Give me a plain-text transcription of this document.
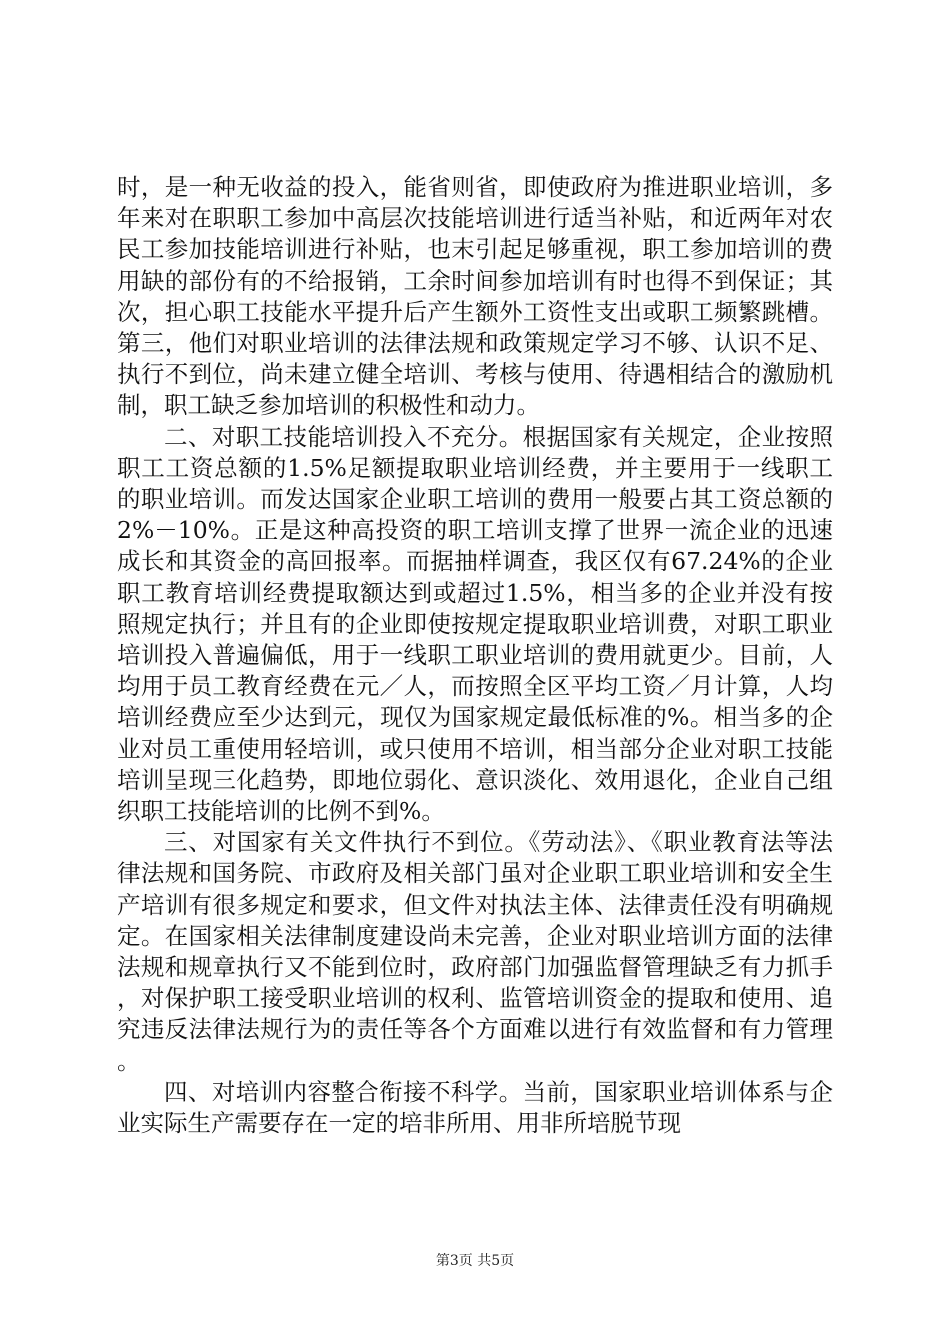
时，是一种无收益的投入，能省则省，即使政府为推进职业培训，多年来对在职职工参加中高层次技能培训进行适当补贴，和近两年对农民工参加技能培训进行补贴，也末引起足够重视，职工参加培训的费用缺的部份有的不给报销，工余时间参加培训有时也得不到保证；其次，担心职工技能水平提升后产生额外工资性支出或职工频繁跳槽。第三，他们对职业培训的法律法规和政策规定学习不够、认识不足、执行不到位，尚未建立健全培训、考核与使用、待遇相结合的激励机制，职工缺乏参加培训的积极性和动力。

二、对职工技能培训投入不充分。根据国家有关规定，企业按照职工工资总额的1.5%足额提取职业培训经费，并主要用于一线职工的职业培训。而发达国家企业职工培训的费用一般要占其工资总额的2%－10%。正是这种高投资的职工培训支撑了世界一流企业的迅速成长和其资金的高回报率。而据抽样调查，我区仅有67.24%的企业职工教育培训经费提取额达到或超过1.5%，相当多的企业并没有按照规定执行；并且有的企业即使按规定提取职业培训费，对职工职业培训投入普遍偏低，用于一线职工职业培训的费用就更少。目前，人均用于员工教育经费在元／人，而按照全区平均工资／月计算，人均培训经费应至少达到元，现仅为国家规定最低标准的%。相当多的企业对员工重使用轻培训，或只使用不培训，相当部分企业对职工技能培训呈现三化趋势，即地位弱化、意识淡化、效用退化，企业自己组织职工技能培训的比例不到%。

三、对国家有关文件执行不到位。《劳动法》、《职业教育法等法律法规和国务院、市政府及相关部门虽对企业职工职业培训和安全生产培训有很多规定和要求，但文件对执法主体、法律责任没有明确规定。在国家相关法律制度建设尚未完善，企业对职业培训方面的法律法规和规章执行又不能到位时，政府部门加强监督管理缺乏有力抓手，对保护职工接受职业培训的权利、监管培训资金的提取和使用、追究违反法律法规行为的责任等各个方面难以进行有效监督和有力管理。

四、对培训内容整合衔接不科学。当前，国家职业培训体系与企业实际生产需要存在一定的培非所用、用非所培脱节现

第3页 共5页
